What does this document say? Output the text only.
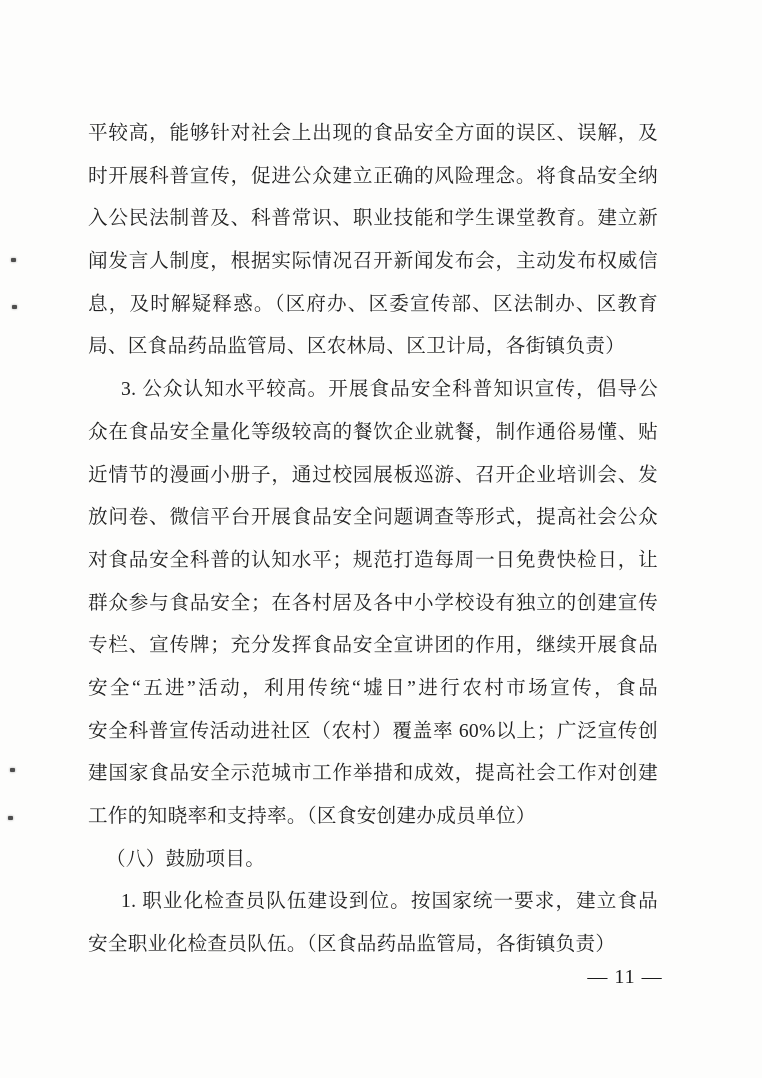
平较高，能够针对社会上出现的食品安全方面的误区、误解，及
时开展科普宣传，促进公众建立正确的风险理念。将食品安全纳
入公民法制普及、科普常识、职业技能和学生课堂教育。建立新
闻发言人制度，根据实际情况召开新闻发布会，主动发布权威信
息，及时解疑释惑。（区府办、区委宣传部、区法制办、区教育
局、区食品药品监管局、区农林局、区卫计局，各街镇负责）
3. 公众认知水平较高。开展食品安全科普知识宣传，倡导公
众在食品安全量化等级较高的餐饮企业就餐，制作通俗易懂、贴
近情节的漫画小册子，通过校园展板巡游、召开企业培训会、发
放问卷、微信平台开展食品安全问题调查等形式，提高社会公众
对食品安全科普的认知水平；规范打造每周一日免费快检日，让
群众参与食品安全；在各村居及各中小学校设有独立的创建宣传
专栏、宣传牌；充分发挥食品安全宣讲团的作用，继续开展食品
安全“五进”活动，利用传统“墟日”进行农村市场宣传，食品
安全科普宣传活动进社区（农村）覆盖率 60%以上；广泛宣传创
建国家食品安全示范城市工作举措和成效，提高社会工作对创建
工作的知晓率和支持率。（区食安创建办成员单位）
（八）鼓励项目。
1. 职业化检查员队伍建设到位。按国家统一要求，建立食品
安全职业化检查员队伍。（区食品药品监管局，各街镇负责）
— 11 —
